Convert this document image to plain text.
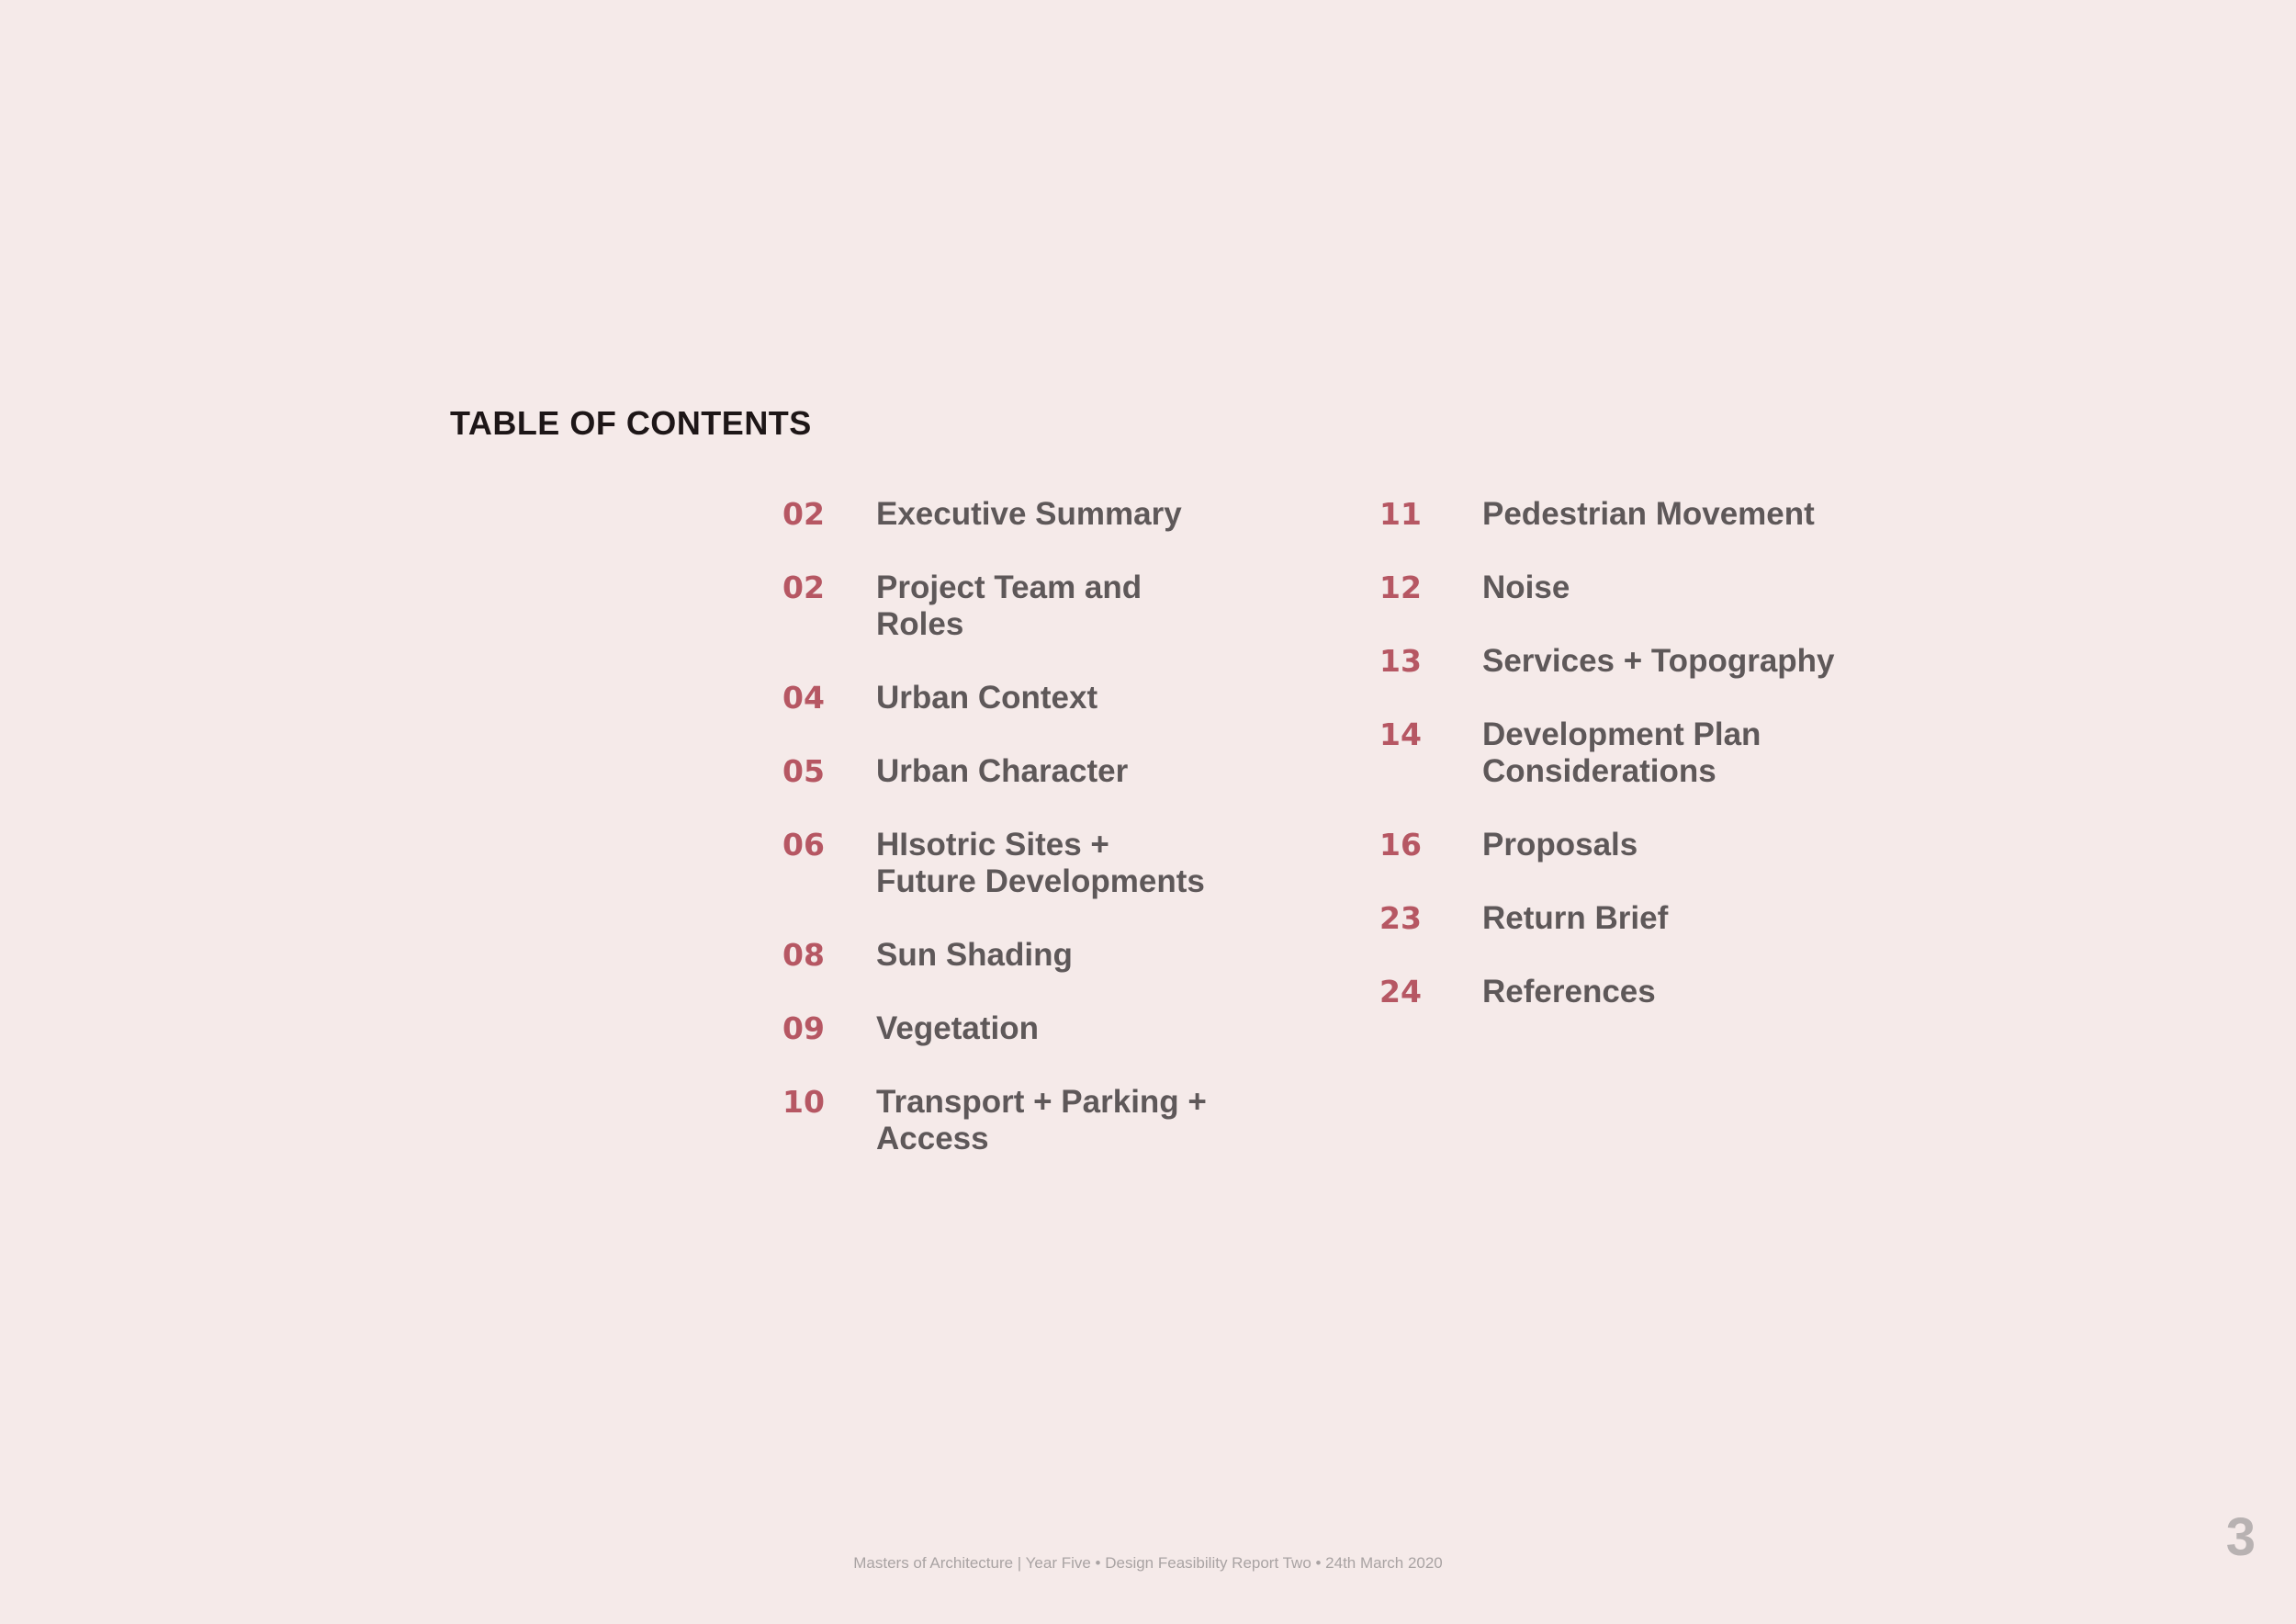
TABLE OF CONTENTS
02	Executive Summary
02	Project Team and
Roles
04	Urban Context
05	Urban Character
06	HIsotric Sites +
Future Developments
08	Sun Shading
09	Vegetation
10	Transport + Parking +
Access
11	Pedestrian Movement
12	Noise
13	Services + Topography
14	Development Plan
Considerations
16	Proposals
23	Return Brief
24	References
Masters of Architecture | Year Five • Design Feasibility Report Two • 24th March 2020	3
